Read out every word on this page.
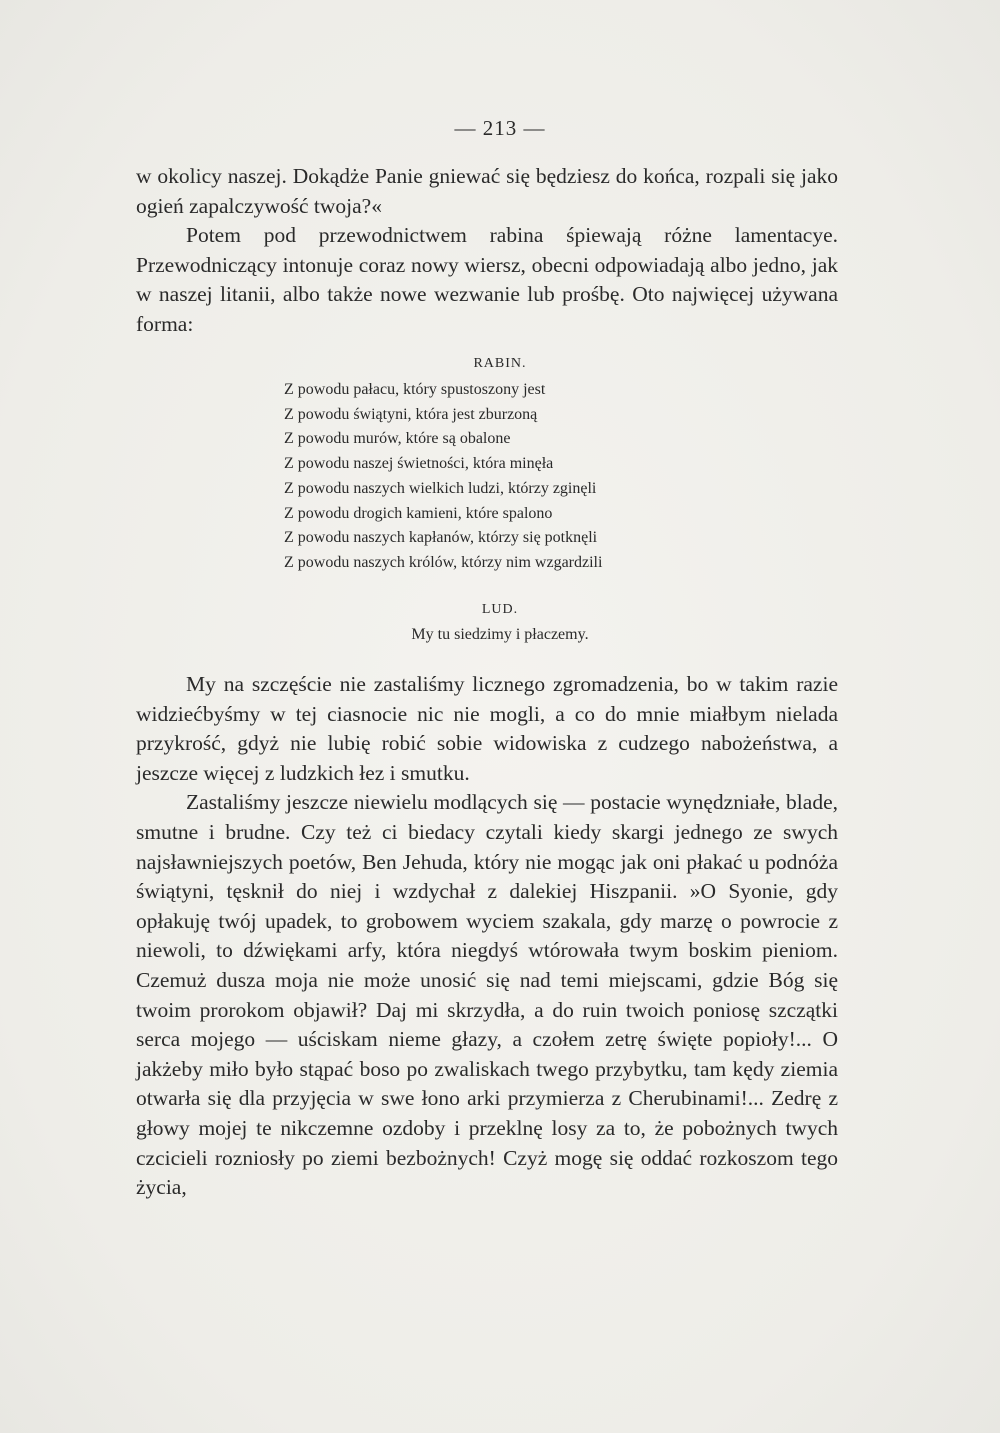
— 213 —

w okolicy naszej. Dokądże Panie gniewać się będziesz do końca, rozpali się jako ogień zapalczywość twoja?«

Potem pod przewodnictwem rabina śpiewają różne lamentacye. Przewodniczący intonuje coraz nowy wiersz, obecni odpowiadają albo jedno, jak w naszej litanii, albo także nowe wezwanie lub prośbę. Oto najwięcej używana forma:

RABIN.
Z powodu pałacu, który spustoszony jest
Z powodu świątyni, która jest zburzoną
Z powodu murów, które są obalone
Z powodu naszej świetności, która minęła
Z powodu naszych wielkich ludzi, którzy zginęli
Z powodu drogich kamieni, które spalono
Z powodu naszych kapłanów, którzy się potknęli
Z powodu naszych królów, którzy nim wzgardzili
LUD.
My tu siedzimy i płaczemy.

My na szczęście nie zastaliśmy licznego zgromadzenia, bo w takim razie widziećbyśmy w tej ciasnocie nic nie mogli, a co do mnie miałbym nielada przykrość, gdyż nie lubię robić sobie widowiska z cudzego nabożeństwa, a jeszcze więcej z ludzkich łez i smutku.

Zastaliśmy jeszcze niewielu modlących się — postacie wynędzniałe, blade, smutne i brudne. Czy też ci biedacy czytali kiedy skargi jednego ze swych najsławniejszych poetów, Ben Jehuda, który nie mogąc jak oni płakać u podnóża świątyni, tęsknił do niej i wzdychał z dalekiej Hiszpanii. »O Syonie, gdy opłakuję twój upadek, to grobowem wyciem szakala, gdy marzę o powrocie z niewoli, to dźwiękami arfy, która niegdyś wtórowała twym boskim pieniom. Czemuż dusza moja nie może unosić się nad temi miejscami, gdzie Bóg się twoim prorokom objawił? Daj mi skrzydła, a do ruin twoich poniosę szczątki serca mojego — uściskam nieme głazy, a czołem zetrę święte popioły!... O jakżeby miło było stąpać boso po zwaliskach twego przybytku, tam kędy ziemia otwarła się dla przyjęcia w swe łono arki przymierza z Cherubinami!... Zedrę z głowy mojej te nikczemne ozdoby i przeklnę losy za to, że pobożnych twych czcicieli rozniosły po ziemi bezbożnych! Czyż mogę się oddać rozkoszom tego życia,
